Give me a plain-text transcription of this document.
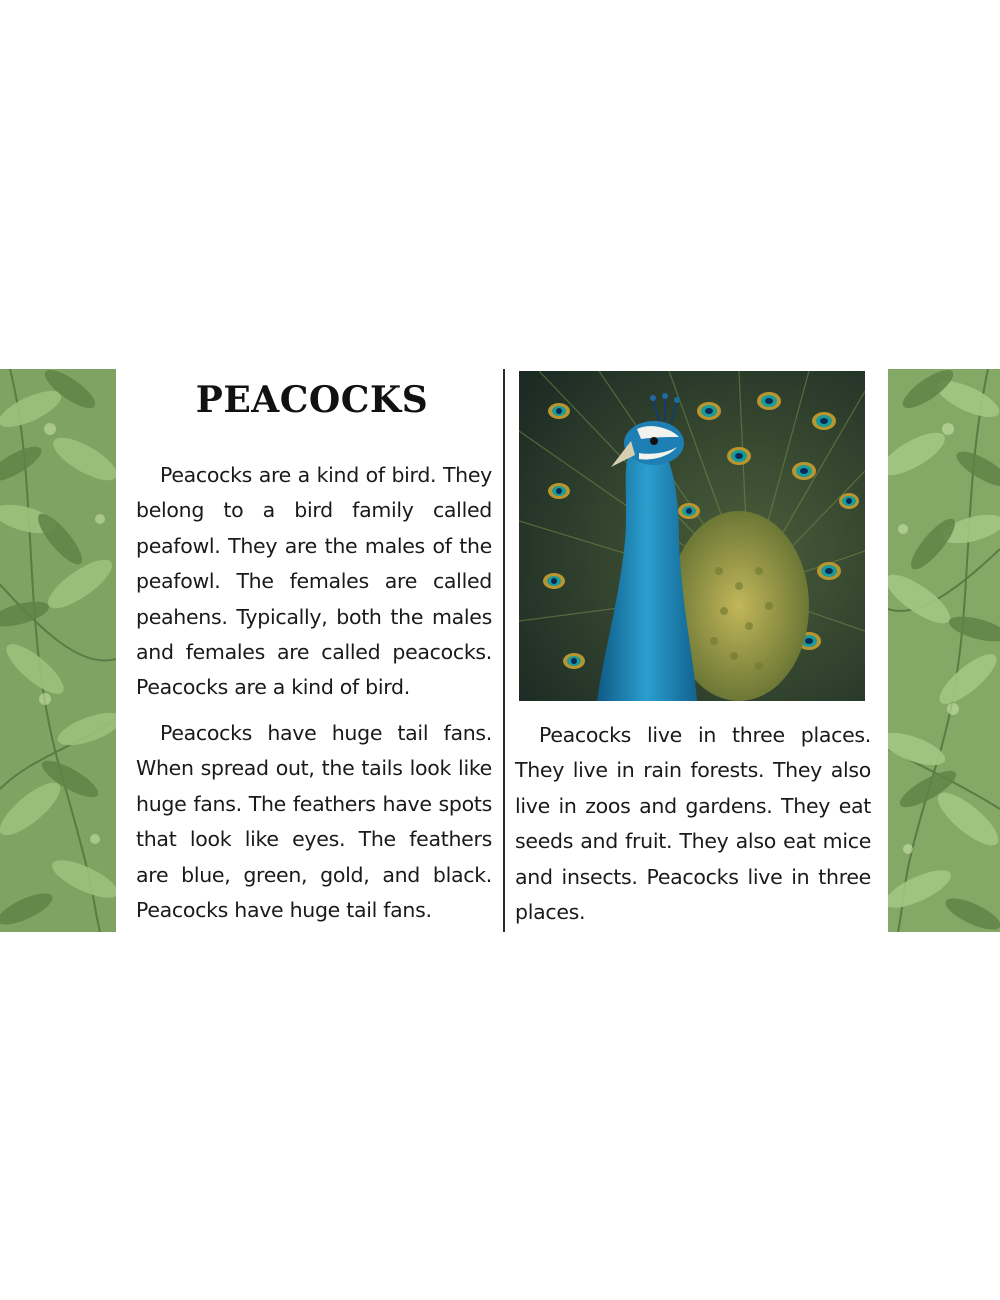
PEACOCKS

Peacocks are a kind of bird. They belong to a bird family called peafowl. They are the males of the peafowl. The females are called peahens. Typically, both the males and females are called peacocks. Peacocks are a kind of bird.

Peacocks have huge tail fans. When spread out, the tails look like huge fans. The feathers have spots that look like eyes. The feathers are blue, green, gold, and black. Peacocks have huge tail fans.

Peacocks live in three places. They live in rain forests. They also live in zoos and gardens. They eat seeds and fruit. They also eat mice and insects. Peacocks live in three places.
